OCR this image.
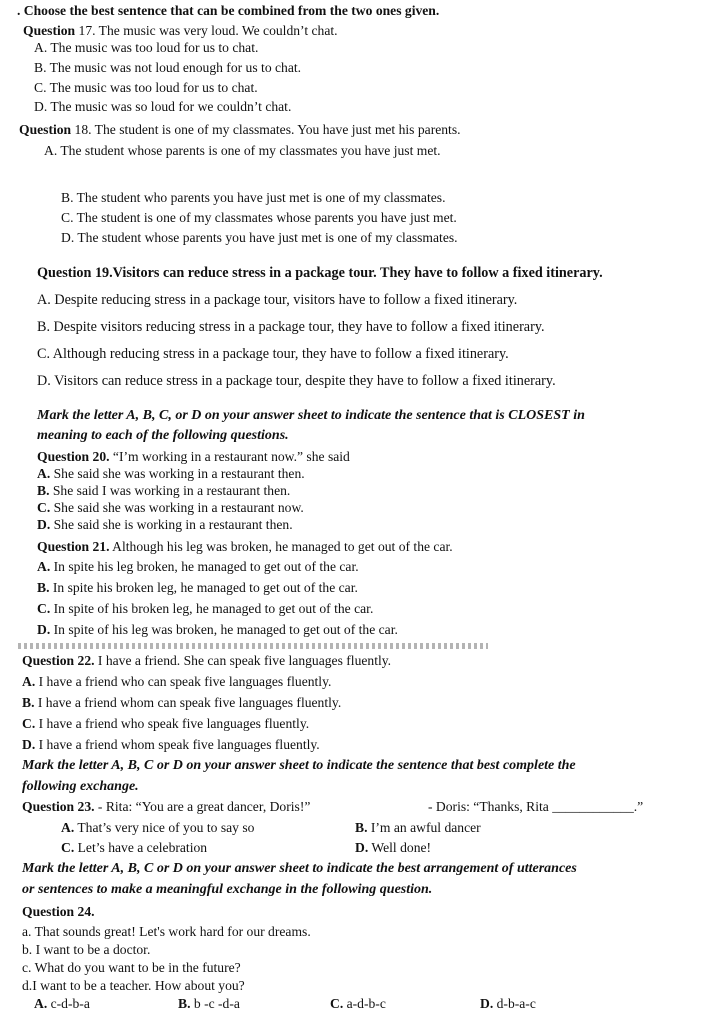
. Choose the best sentence that can be combined from the two ones given.
Question 17. The music was very loud. We couldn’t chat.
A. The music was too loud for us to chat.
B. The music was not loud enough for us to chat.
C. The music was too loud for us to chat.
D. The music was so loud for we couldn’t chat.
Question 18. The student is one of my classmates. You have just met his parents.
A. The student whose parents is one of my classmates you have just met.
B. The student who parents you have just met is one of my classmates.
C. The student is one of my classmates whose parents you have just met.
D. The student whose parents you have just met is one of my classmates.
Question 19.Visitors can reduce stress in a package tour. They have to follow a fixed itinerary.
A. Despite reducing stress in a package tour, visitors have to follow a fixed itinerary.
B. Despite visitors reducing stress in a package tour, they have to follow a fixed itinerary.
C. Although reducing stress in a package tour, they have to follow a fixed itinerary.
D. Visitors can reduce stress in a package tour, despite they have to follow a fixed itinerary.
Mark the letter A, B, C, or D on your answer sheet to indicate the sentence that is CLOSEST in
meaning to each of the following questions.
Question 20. “I’m working in a restaurant now.” she said
A. She said she was working in a restaurant then.
B. She said I was working in a restaurant then.
C. She said she was working in a restaurant now.
D. She said she is working in a restaurant then.
Question 21. Although his leg was broken, he managed to get out of the car.
A. In spite his leg broken, he managed to get out of the car.
B. In spite his broken leg, he managed to get out of the car.
C. In spite of his broken leg, he managed to get out of the car.
D. In spite of his leg was broken, he managed to get out of the car.
Question 22. I have a friend. She can speak five languages fluently.
A. I have a friend who can speak five languages fluently.
B. I have a friend whom can speak five languages fluently.
C. I have a friend who speak five languages fluently.
D. I have a friend whom speak five languages fluently.
Mark the letter A, B, C or D on your answer sheet to indicate the sentence that best complete the
following exchange.
Question 23. - Rita: “You are a great dancer, Doris!”	- Doris: “Thanks, Rita ____________.”
A. That’s very nice of you to say so	B. I’m an awful dancer
C. Let’s have a celebration	D. Well done!
Mark the letter A, B, C or D on your answer sheet to indicate the best arrangement of utterances
or sentences to make a meaningful exchange in the following question.
Question 24.
a. That sounds great! Let's work hard for our dreams.
b. I want to be a doctor.
c. What do you want to be in the future?
d.I want to be a teacher. How about you?
A. c-d-b-a	B. b -c -d-a	C. a-d-b-c	D. d-b-a-c
